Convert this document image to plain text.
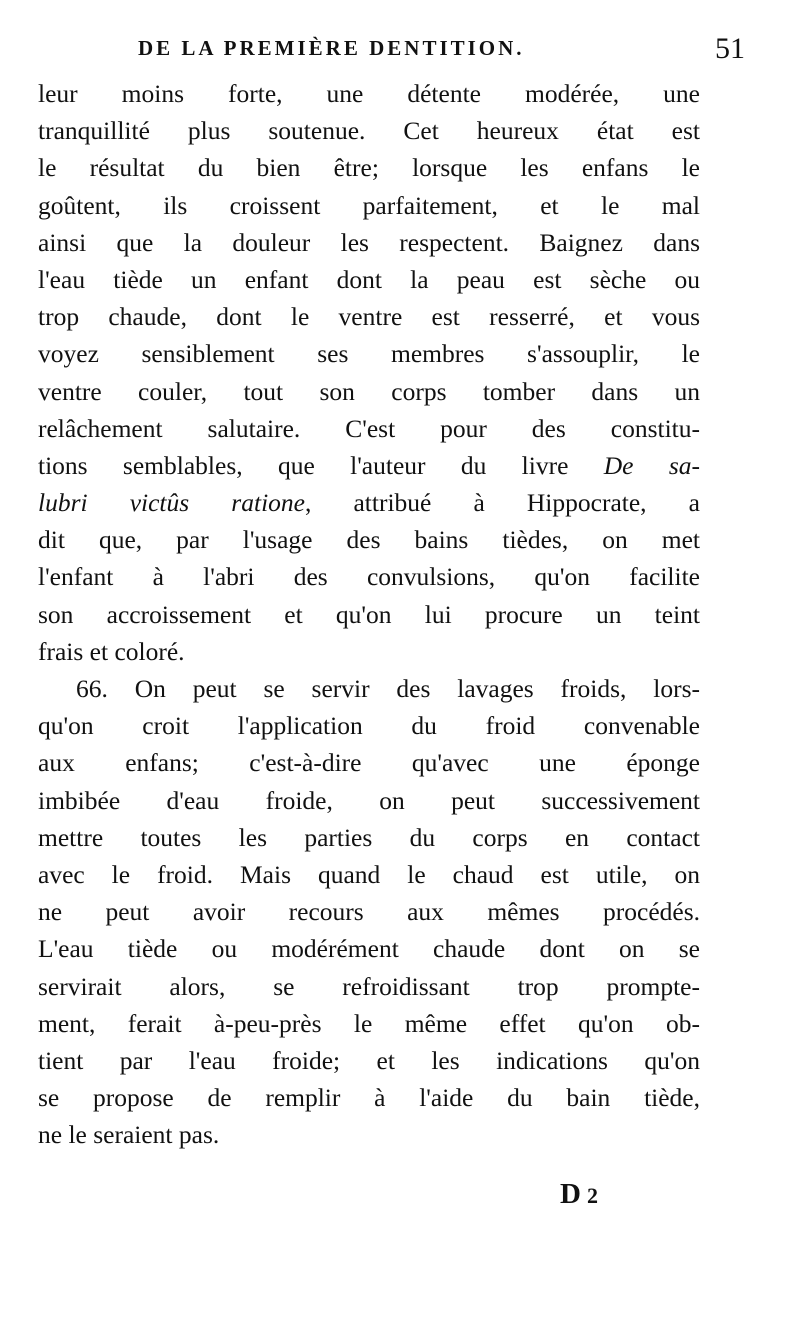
DE LA PREMIÈRE DENTITION.	51
leur moins forte, une détente modérée, une
tranquillité plus soutenue. Cet heureux état est
le résultat du bien être; lorsque les enfans le
goûtent, ils croissent parfaitement, et le mal
ainsi que la douleur les respectent. Baignez dans
l'eau tiède un enfant dont la peau est sèche ou
trop chaude, dont le ventre est resserré, et vous
voyez sensiblement ses membres s'assouplir, le
ventre couler, tout son corps tomber dans un
relâchement salutaire. C'est pour des constitu-
tions semblables, que l'auteur du livre De sa-
lubri victûs ratione, attribué à Hippocrate, a
dit que, par l'usage des bains tièdes, on met
l'enfant à l'abri des convulsions, qu'on facilite
son accroissement et qu'on lui procure un teint
frais et coloré.
66. On peut se servir des lavages froids, lors-
qu'on croit l'application du froid convenable
aux enfans; c'est-à-dire qu'avec une éponge
imbibée d'eau froide, on peut successivement
mettre toutes les parties du corps en contact
avec le froid. Mais quand le chaud est utile, on
ne peut avoir recours aux mêmes procédés.
L'eau tiède ou modérément chaude dont on se
servirait alors, se refroidissant trop prompte-
ment, ferait à-peu-près le même effet qu'on ob-
tient par l'eau froide; et les indications qu'on
se propose de remplir à l'aide du bain tiède,
ne le seraient pas.
D 2
